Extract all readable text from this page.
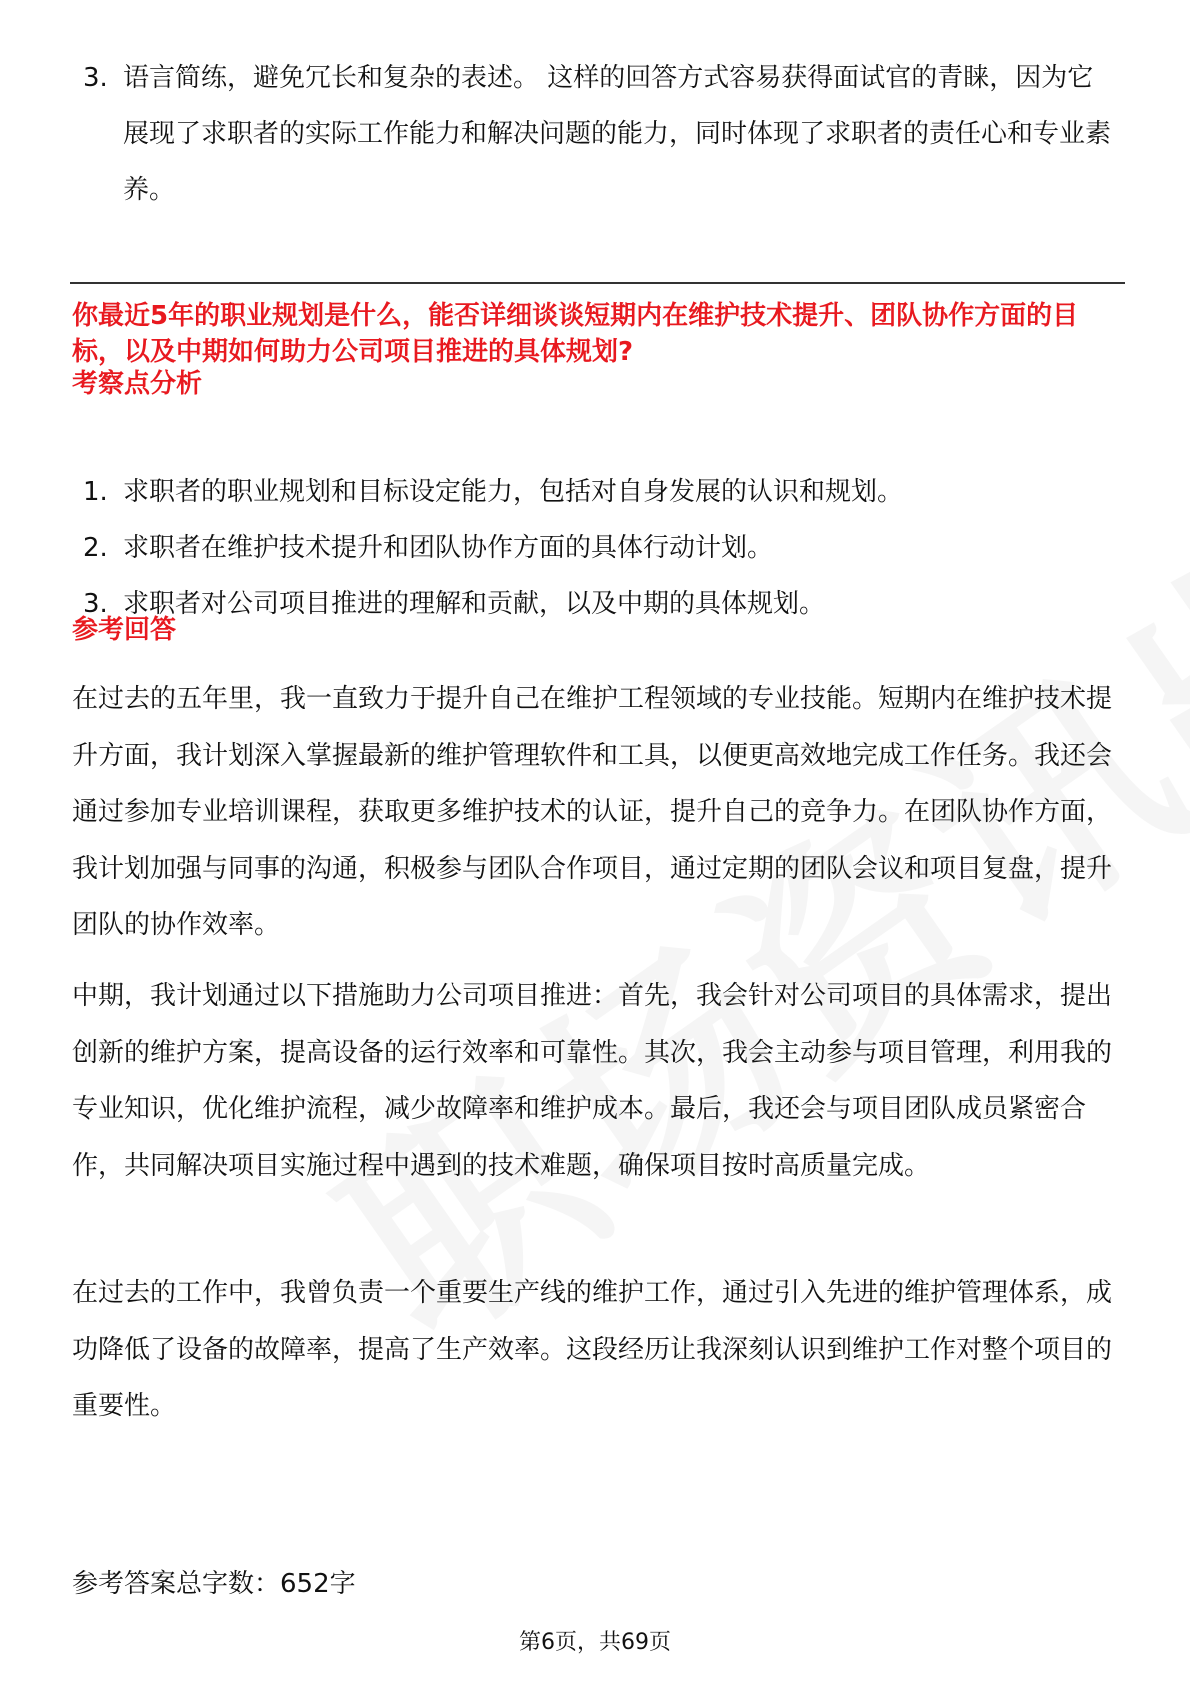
3. 语言简练，避免冗长和复杂的表述。 这样的回答方式容易获得面试官的青睐，因为它展现了求职者的实际工作能力和解决问题的能力，同时体现了求职者的责任心和专业素养。
你最近5年的职业规划是什么，能否详细谈谈短期内在维护技术提升、团队协作方面的目标，以及中期如何助力公司项目推进的具体规划?
考察点分析
1. 求职者的职业规划和目标设定能力，包括对自身发展的认识和规划。
2. 求职者在维护技术提升和团队协作方面的具体行动计划。
3. 求职者对公司项目推进的理解和贡献，以及中期的具体规划。
参考回答
在过去的五年里，我一直致力于提升自己在维护工程领域的专业技能。短期内在维护技术提升方面，我计划深入掌握最新的维护管理软件和工具，以便更高效地完成工作任务。我还会通过参加专业培训课程，获取更多维护技术的认证，提升自己的竞争力。在团队协作方面，我计划加强与同事的沟通，积极参与团队合作项目，通过定期的团队会议和项目复盘，提升团队的协作效率。
中期，我计划通过以下措施助力公司项目推进：首先，我会针对公司项目的具体需求，提出创新的维护方案，提高设备的运行效率和可靠性。其次，我会主动参与项目管理，利用我的专业知识，优化维护流程，减少故障率和维护成本。最后，我还会与项目团队成员紧密合作，共同解决项目实施过程中遇到的技术难题，确保项目按时高质量完成。
在过去的工作中，我曾负责一个重要生产线的维护工作，通过引入先进的维护管理体系，成功降低了设备的故障率，提高了生产效率。这段经历让我深刻认识到维护工作对整个项目的重要性。
参考答案总字数：652字
第6页，共69页
